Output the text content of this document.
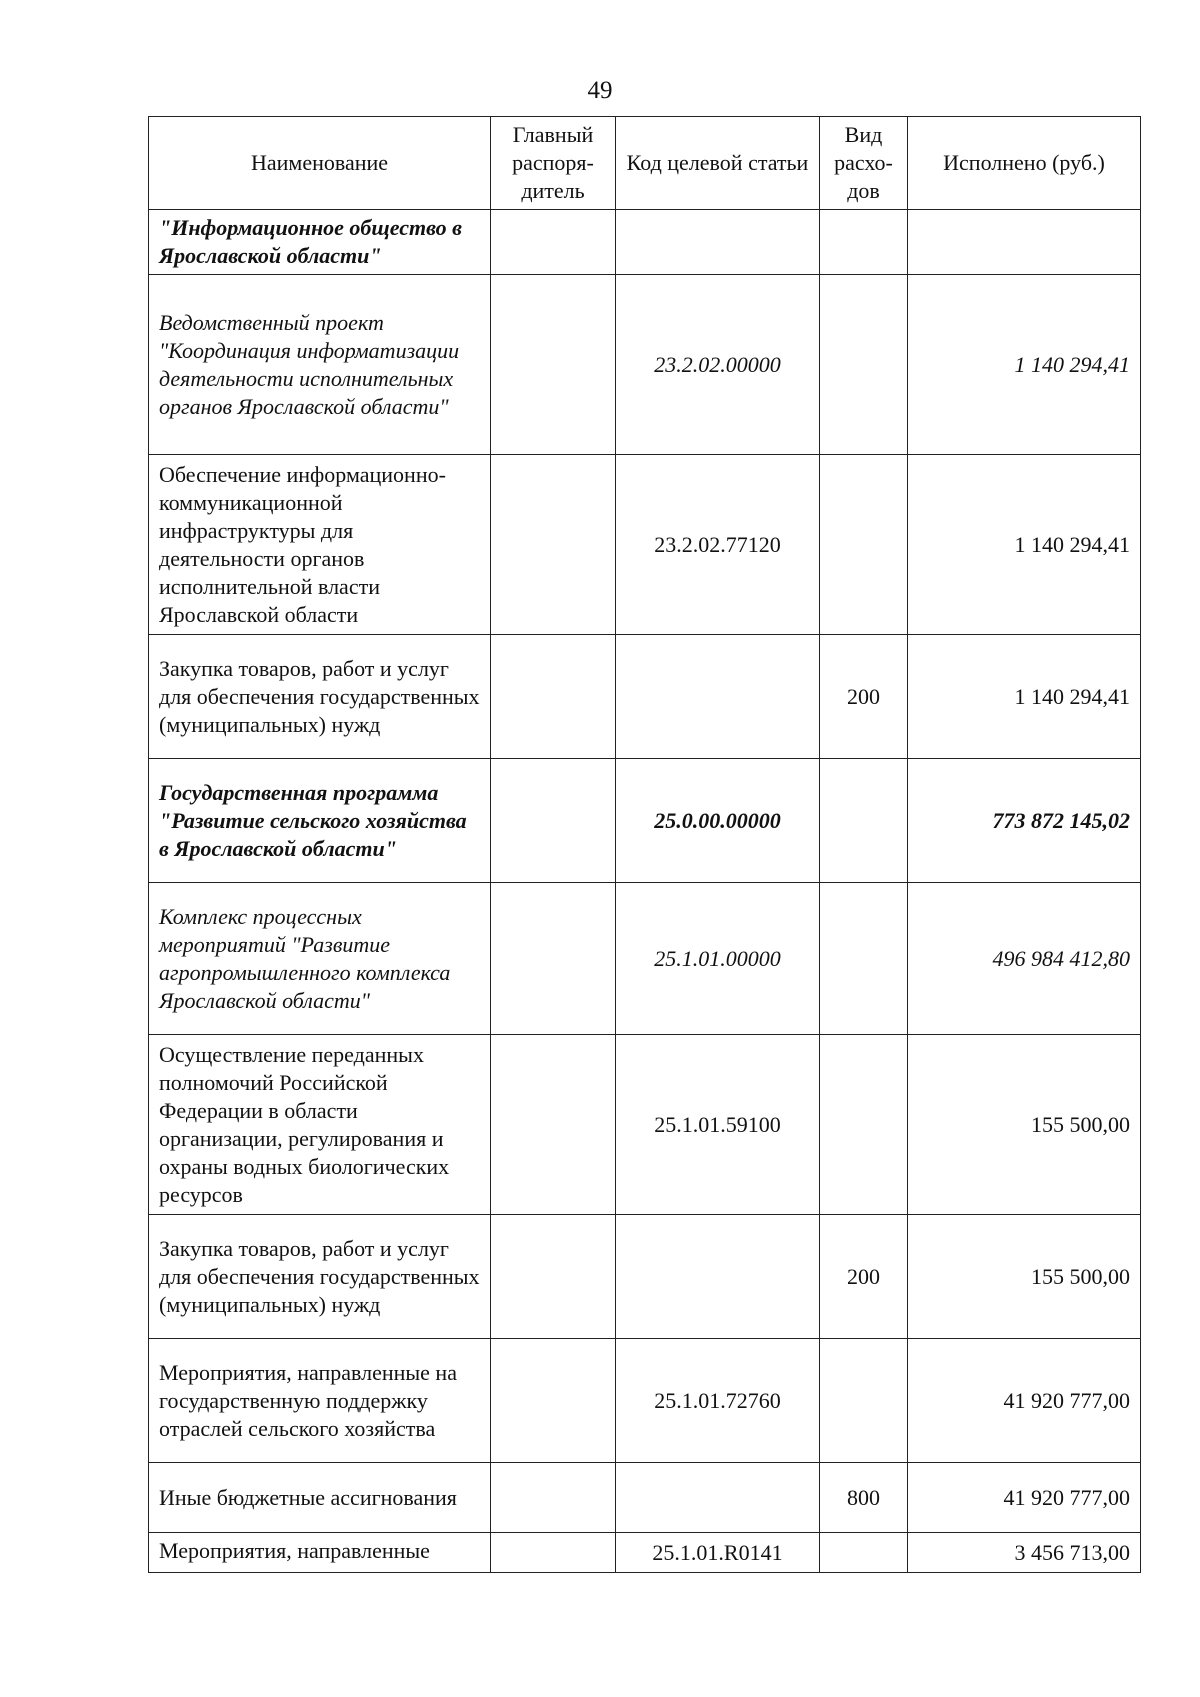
49
Наименование	Главный распоря-дитель	Код целевой статьи	Вид расхо-дов	Исполнено (руб.)
"Информационное общество в Ярославской области"				
Ведомственный проект "Координация информатизации деятельности исполнительных органов Ярославской области"		23.2.02.00000		1 140 294,41
Обеспечение информационно-коммуникационной инфраструктуры для деятельности органов исполнительной власти Ярославской области		23.2.02.77120		1 140 294,41
Закупка товаров, работ и услуг для обеспечения государственных (муниципальных) нужд			200	1 140 294,41
Государственная программа "Развитие сельского хозяйства в Ярославской области"		25.0.00.00000		773 872 145,02
Комплекс процессных мероприятий "Развитие агропромышленного комплекса Ярославской области"		25.1.01.00000		496 984 412,80
Осуществление переданных полномочий Российской Федерации в области организации, регулирования и охраны водных биологических ресурсов		25.1.01.59100		155 500,00
Закупка товаров, работ и услуг для обеспечения государственных (муниципальных) нужд			200	155 500,00
Мероприятия, направленные на государственную поддержку отраслей сельского хозяйства		25.1.01.72760		41 920 777,00
Иные бюджетные ассигнования			800	41 920 777,00
Мероприятия, направленные		25.1.01.R0141		3 456 713,00
